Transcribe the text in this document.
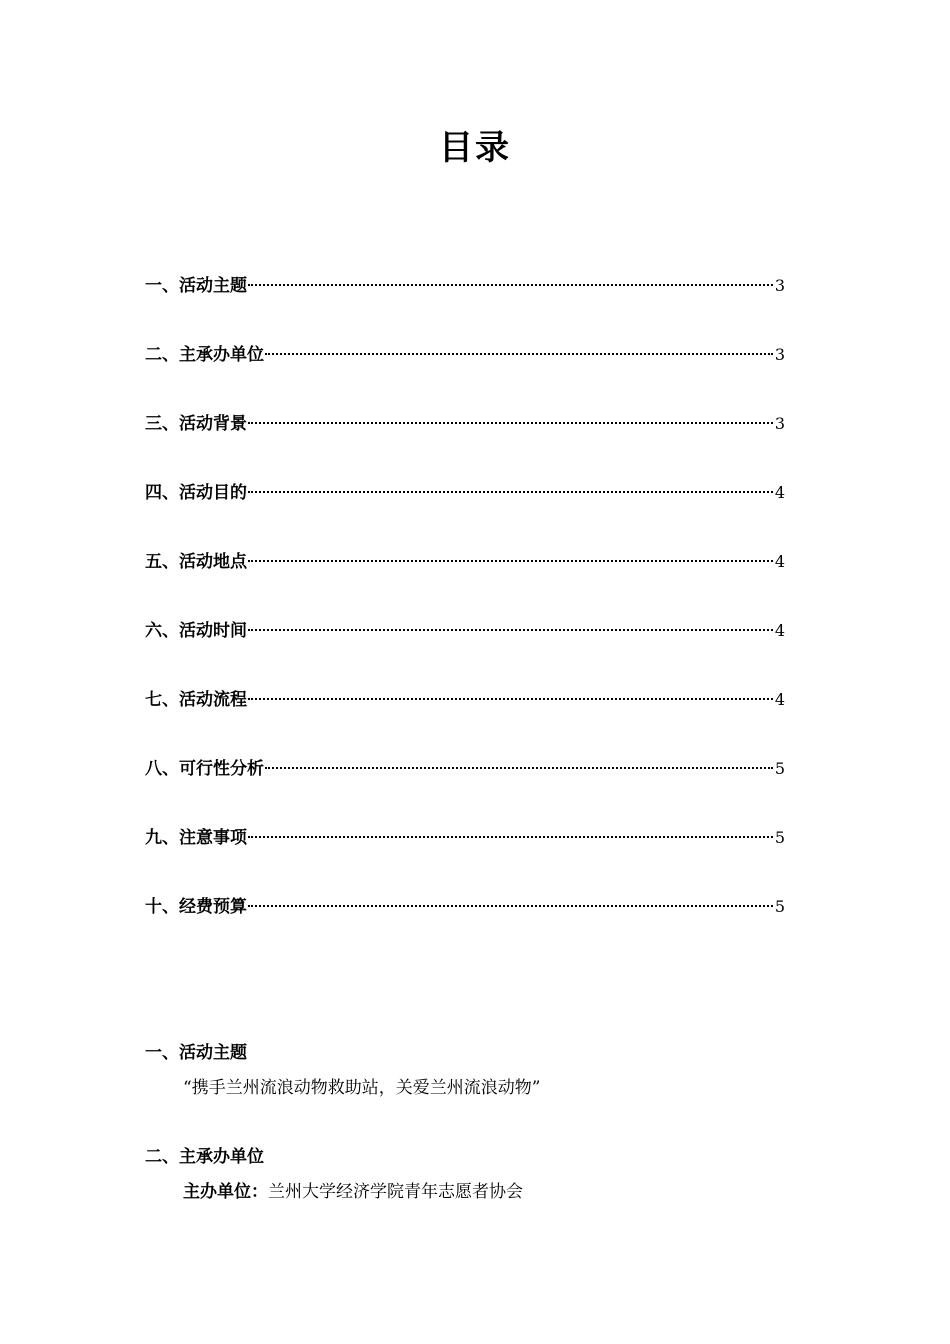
目录
一、活动主题	3
二、主承办单位	3
三、活动背景	3
四、活动目的	4
五、活动地点	4
六、活动时间	4
七、活动流程	4
八、可行性分析	5
九、注意事项	5
十、经费预算	5
一、活动主题
“携手兰州流浪动物救助站，关爱兰州流浪动物”
二、主承办单位
主办单位：兰州大学经济学院青年志愿者协会
